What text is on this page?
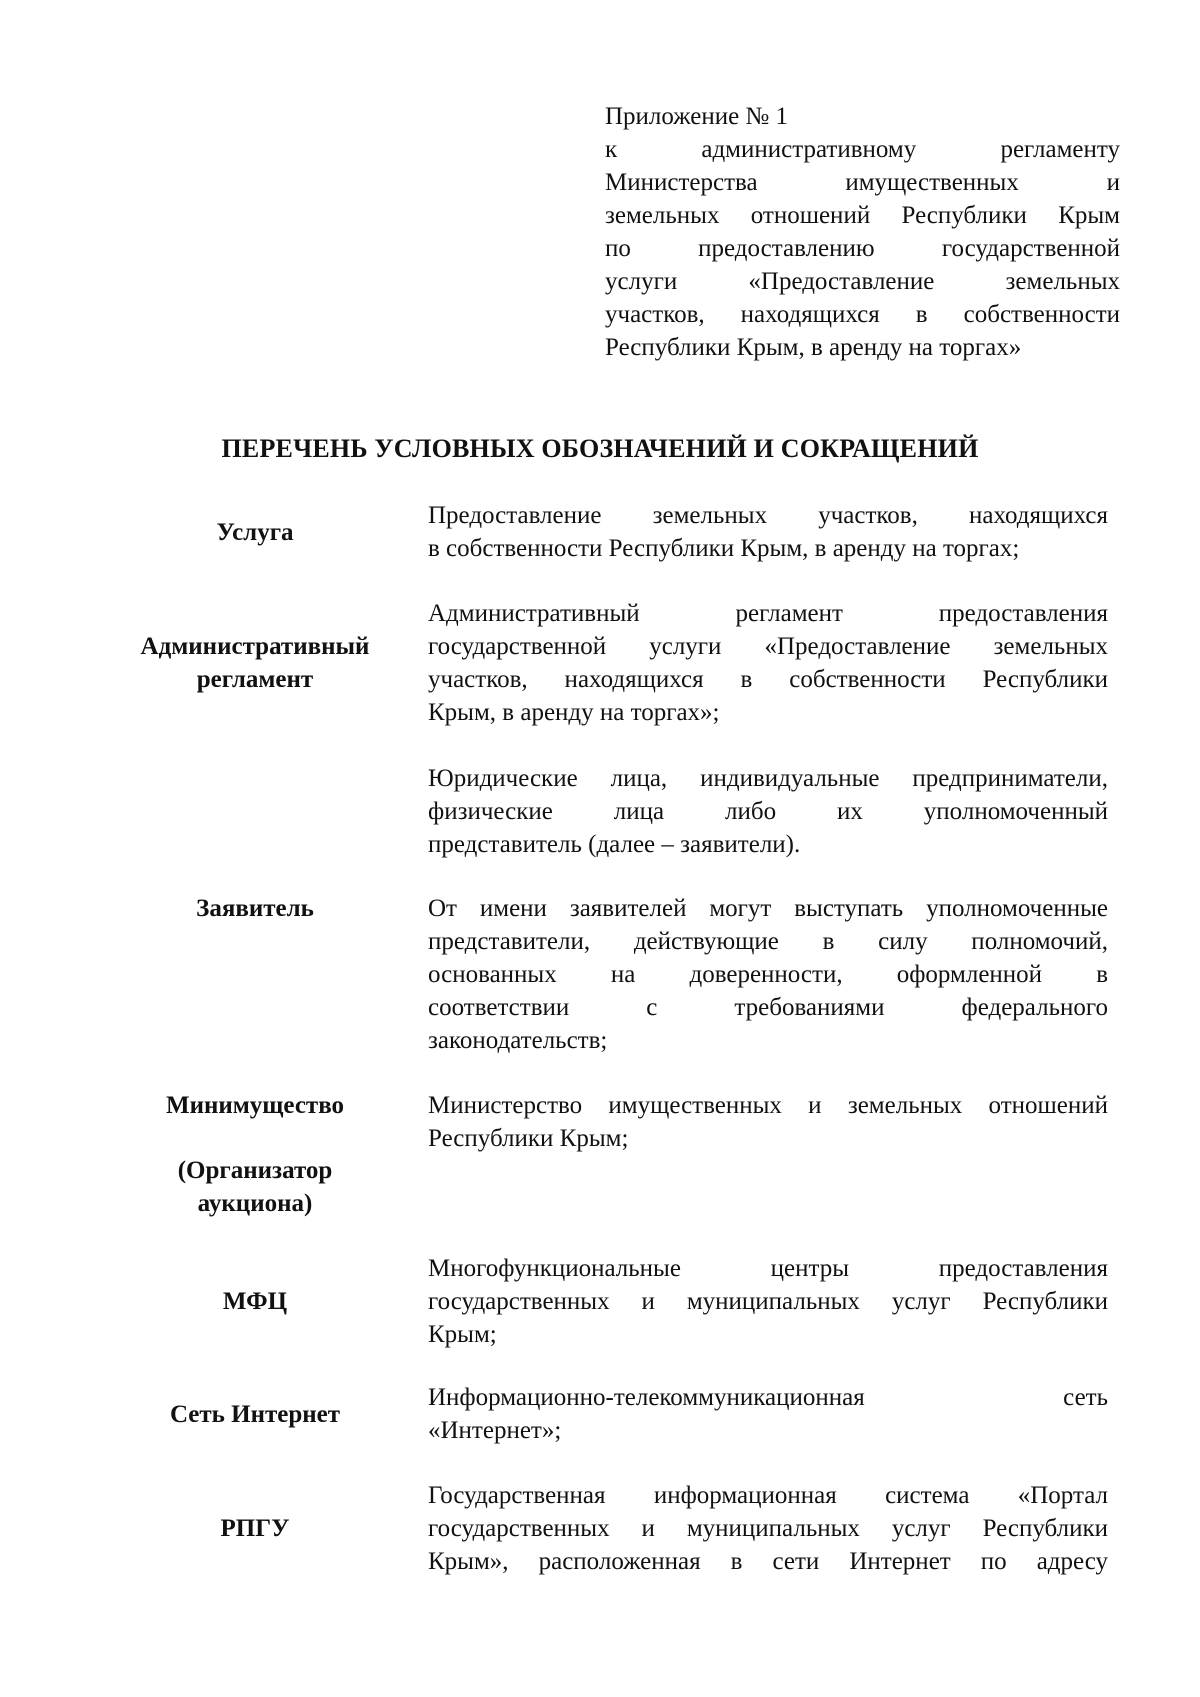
Приложение № 1
к административному регламенту
Министерства имущественных и
земельных отношений Республики Крым
по предоставлению государственной
услуги «Предоставление земельных
участков, находящихся в собственности
Республики Крым, в аренду на торгах»
ПЕРЕЧЕНЬ УСЛОВНЫХ ОБОЗНАЧЕНИЙ И СОКРАЩЕНИЙ
Услуга
Предоставление земельных участков, находящихся
в собственности Республики Крым, в аренду на торгах;
Административный
регламент
Административный регламент предоставления
государственной услуги «Предоставление земельных
участков, находящихся в собственности Республики
Крым, в аренду на торгах»;
Юридические лица, индивидуальные предприниматели,
физические лица либо их уполномоченный
представитель (далее – заявители).
Заявитель	От имени заявителей могут выступать уполномоченные
представители, действующие в силу полномочий,
основанных на доверенности, оформленной в
соответствии с требованиями федерального
законодательств;
Минимущество
(Организатор
аукциона)
Министерство имущественных и земельных отношений
Республики Крым;
МФЦ
Многофункциональные центры предоставления
государственных и муниципальных услуг Республики
Крым;
Сеть Интернет
Информационно-телекоммуникационная сеть
«Интернет»;
РПГУ
Государственная информационная система «Портал
государственных и муниципальных услуг Республики
Крым», расположенная в сети Интернет по адресу
